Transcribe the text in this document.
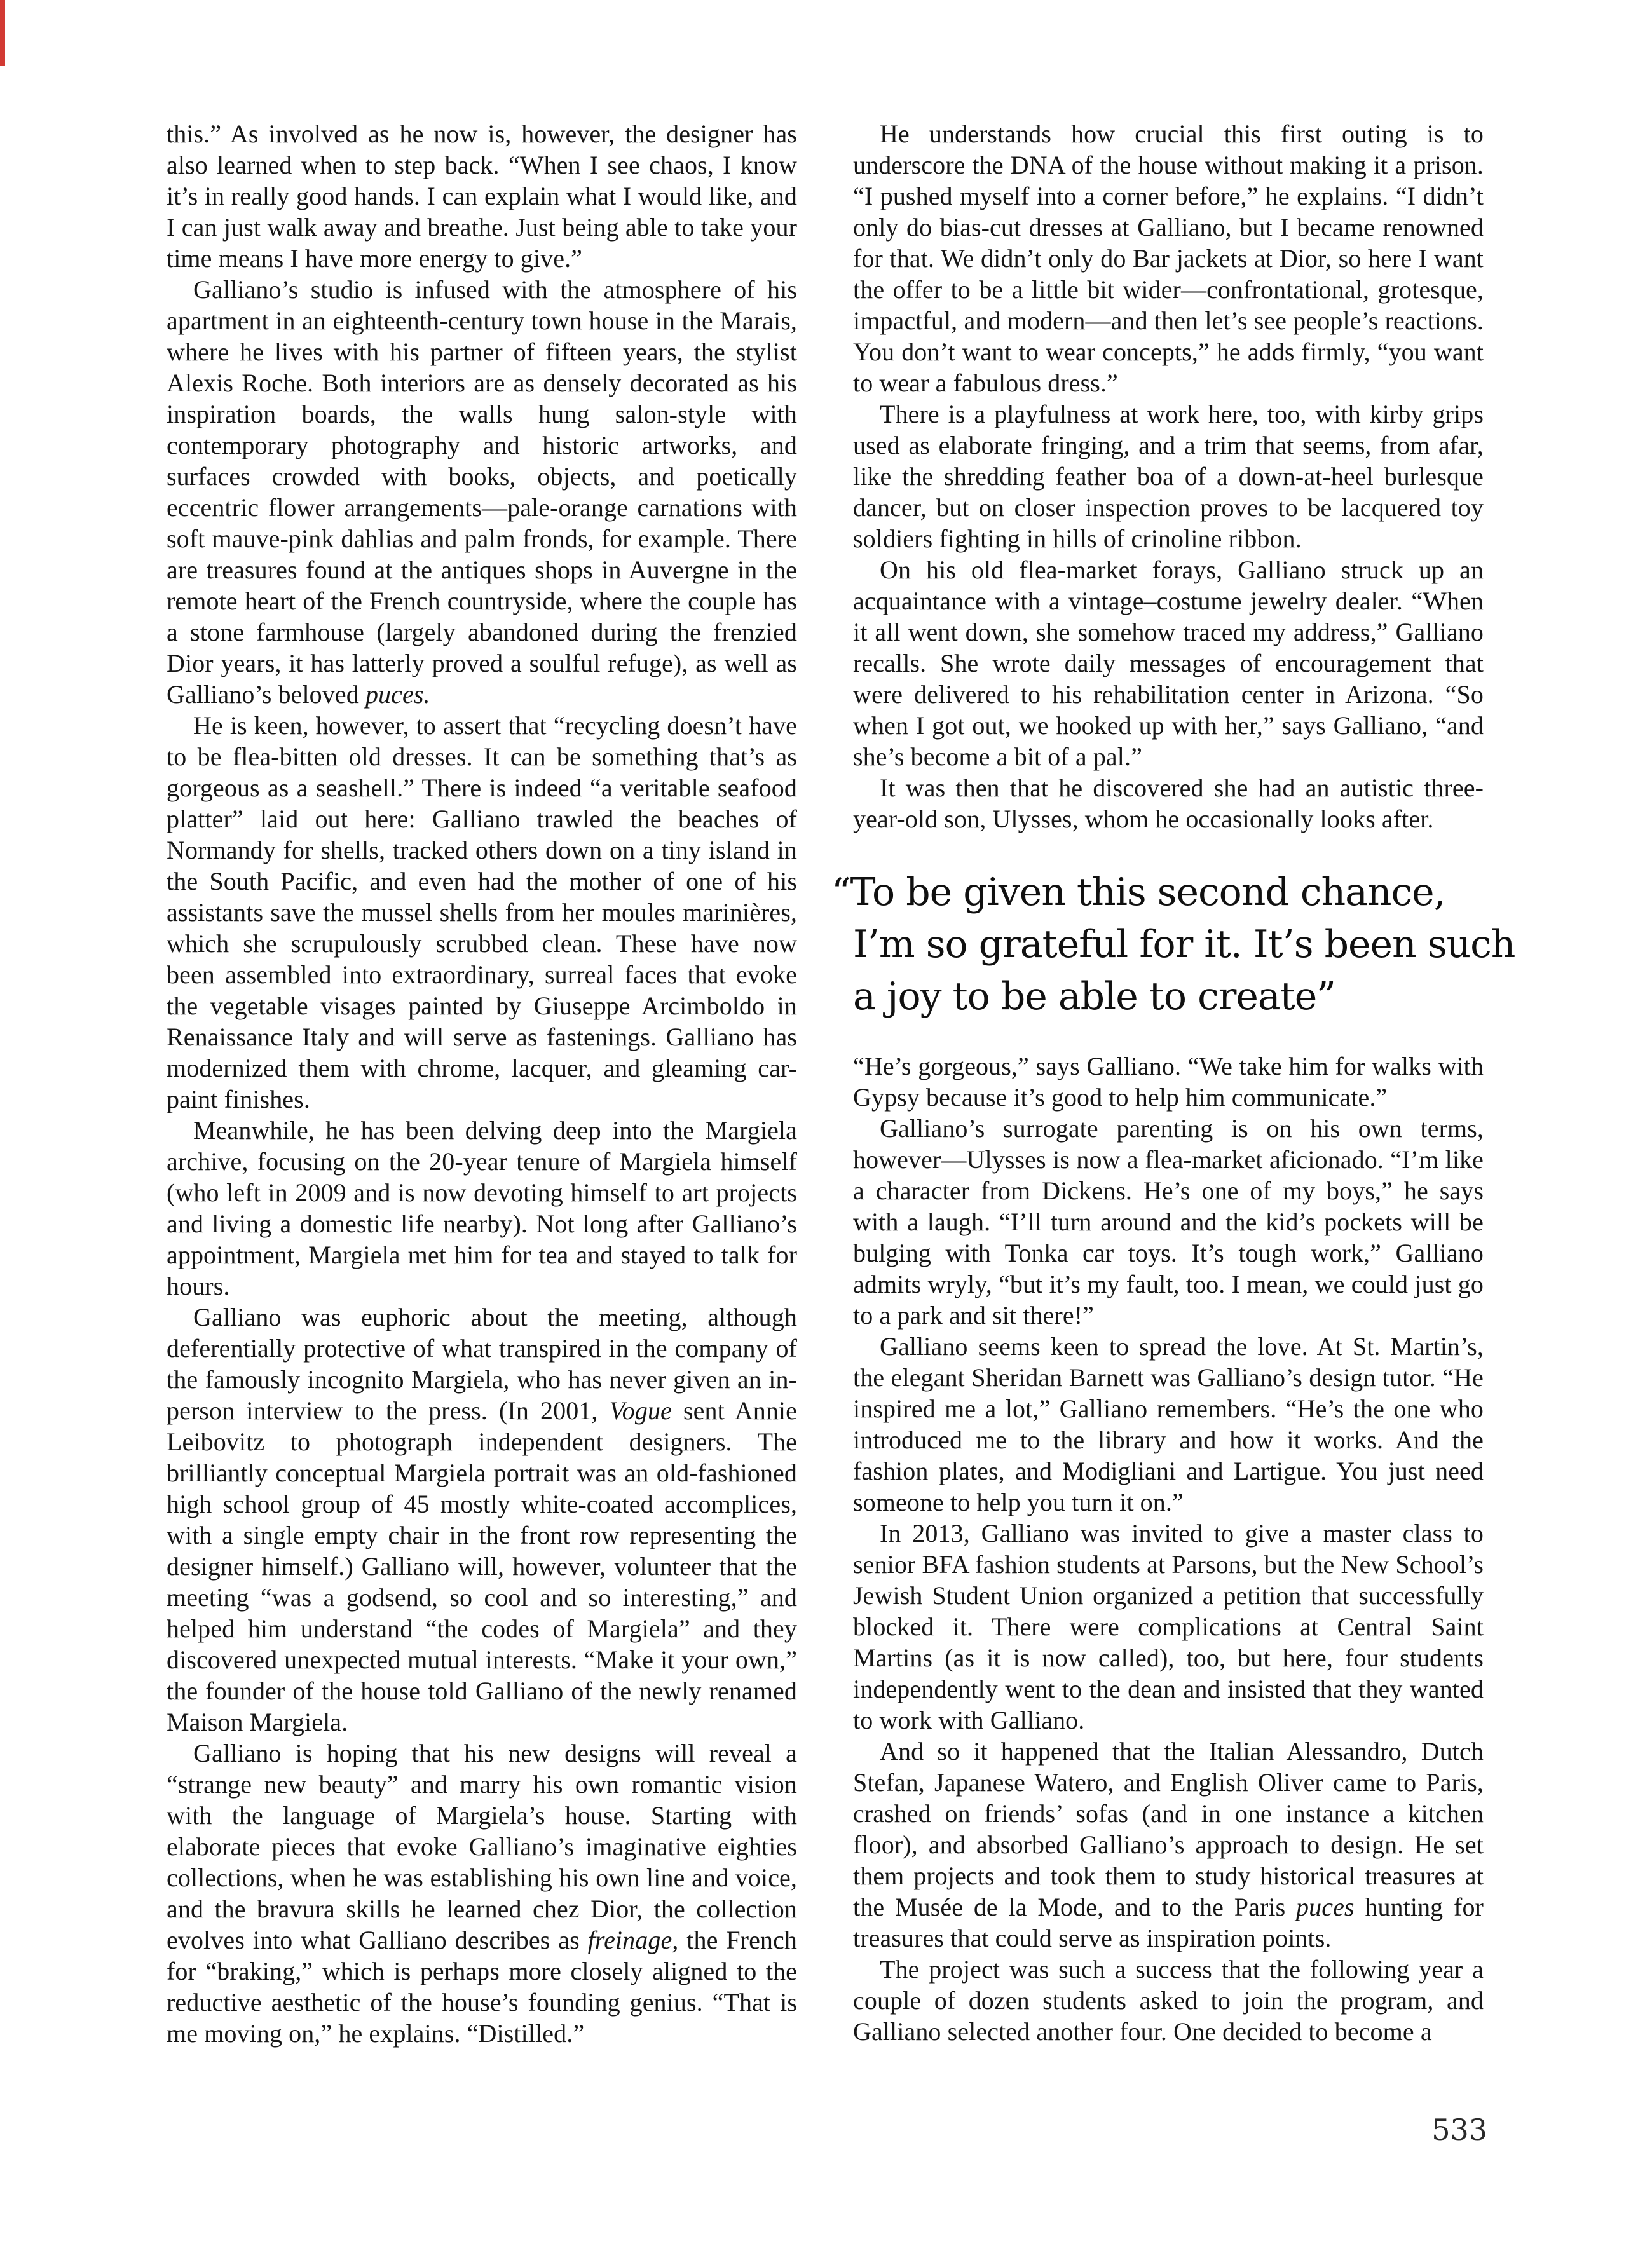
this.” As involved as he now is, however, the designer has also learned when to step back. “When I see chaos, I know it’s in really good hands. I can explain what I would like, and I can just walk away and breathe. Just being able to take your time means I have more energy to give.”

Galliano’s studio is infused with the atmosphere of his apartment in an eighteenth-century town house in the Marais, where he lives with his partner of fifteen years, the stylist Alexis Roche. Both interiors are as densely decorated as his inspiration boards, the walls hung salon-style with contemporary photography and historic artworks, and surfaces crowded with books, objects, and poetically eccentric flower arrangements—pale-orange carnations with soft mauve-pink dahlias and palm fronds, for example. There are treasures found at the antiques shops in Auvergne in the remote heart of the French countryside, where the couple has a stone farmhouse (largely abandoned during the frenzied Dior years, it has latterly proved a soulful refuge), as well as Galliano’s beloved puces.

He is keen, however, to assert that “recycling doesn’t have to be flea-bitten old dresses. It can be something that’s as gorgeous as a seashell.” There is indeed “a veritable seafood platter” laid out here: Galliano trawled the beaches of Normandy for shells, tracked others down on a tiny island in the South Pacific, and even had the mother of one of his assistants save the mussel shells from her moules marinières, which she scrupulously scrubbed clean. These have now been assembled into extraordinary, surreal faces that evoke the vegetable visages painted by Giuseppe Arcimboldo in Renaissance Italy and will serve as fastenings. Galliano has modernized them with chrome, lacquer, and gleaming car-paint finishes.

Meanwhile, he has been delving deep into the Margiela archive, focusing on the 20-year tenure of Margiela himself (who left in 2009 and is now devoting himself to art projects and living a domestic life nearby). Not long after Galliano’s appointment, Margiela met him for tea and stayed to talk for hours.

Galliano was euphoric about the meeting, although deferentially protective of what transpired in the company of the famously incognito Margiela, who has never given an in-person interview to the press. (In 2001, Vogue sent Annie Leibovitz to photograph independent designers. The brilliantly conceptual Margiela portrait was an old-fashioned high school group of 45 mostly white-coated accomplices, with a single empty chair in the front row representing the designer himself.) Galliano will, however, volunteer that the meeting “was a godsend, so cool and so interesting,” and helped him understand “the codes of Margiela” and they discovered unexpected mutual interests. “Make it your own,” the founder of the house told Galliano of the newly renamed Maison Margiela.

Galliano is hoping that his new designs will reveal a “strange new beauty” and marry his own romantic vision with the language of Margiela’s house. Starting with elaborate pieces that evoke Galliano’s imaginative eighties collections, when he was establishing his own line and voice, and the bravura skills he learned chez Dior, the collection evolves into what Galliano describes as freinage, the French for “braking,” which is perhaps more closely aligned to the reductive aesthetic of the house’s founding genius. “That is me moving on,” he explains. “Distilled.”

He understands how crucial this first outing is to underscore the DNA of the house without making it a prison. “I pushed myself into a corner before,” he explains. “I didn’t only do bias-cut dresses at Galliano, but I became renowned for that. We didn’t only do Bar jackets at Dior, so here I want the offer to be a little bit wider—confrontational, grotesque, impactful, and modern—and then let’s see people’s reactions. You don’t want to wear concepts,” he adds firmly, “you want to wear a fabulous dress.”

There is a playfulness at work here, too, with kirby grips used as elaborate fringing, and a trim that seems, from afar, like the shredding feather boa of a down-at-heel burlesque dancer, but on closer inspection proves to be lacquered toy soldiers fighting in hills of crinoline ribbon.

On his old flea-market forays, Galliano struck up an acquaintance with a vintage–costume jewelry dealer. “When it all went down, she somehow traced my address,” Galliano recalls. She wrote daily messages of encouragement that were delivered to his rehabilitation center in Arizona. “So when I got out, we hooked up with her,” says Galliano, “and she’s become a bit of a pal.”

It was then that he discovered she had an autistic three-year-old son, Ulysses, whom he occasionally looks after.

“To be given this second chance,
I’m so grateful for it. It’s been such
a joy to be able to create”

“He’s gorgeous,” says Galliano. “We take him for walks with Gypsy because it’s good to help him communicate.”

Galliano’s surrogate parenting is on his own terms, however—Ulysses is now a flea-market aficionado. “I’m like a character from Dickens. He’s one of my boys,” he says with a laugh. “I’ll turn around and the kid’s pockets will be bulging with Tonka car toys. It’s tough work,” Galliano admits wryly, “but it’s my fault, too. I mean, we could just go to a park and sit there!”

Galliano seems keen to spread the love. At St. Martin’s, the elegant Sheridan Barnett was Galliano’s design tutor. “He inspired me a lot,” Galliano remembers. “He’s the one who introduced me to the library and how it works. And the fashion plates, and Modigliani and Lartigue. You just need someone to help you turn it on.”

In 2013, Galliano was invited to give a master class to senior BFA fashion students at Parsons, but the New School’s Jewish Student Union organized a petition that successfully blocked it. There were complications at Central Saint Martins (as it is now called), too, but here, four students independently went to the dean and insisted that they wanted to work with Galliano.

And so it happened that the Italian Alessandro, Dutch Stefan, Japanese Watero, and English Oliver came to Paris, crashed on friends’ sofas (and in one instance a kitchen floor), and absorbed Galliano’s approach to design. He set them projects and took them to study historical treasures at the Musée de la Mode, and to the Paris puces hunting for treasures that could serve as inspiration points.

The project was such a success that the following year a couple of dozen students asked to join the program, and Galliano selected another four. One decided to become a

533
